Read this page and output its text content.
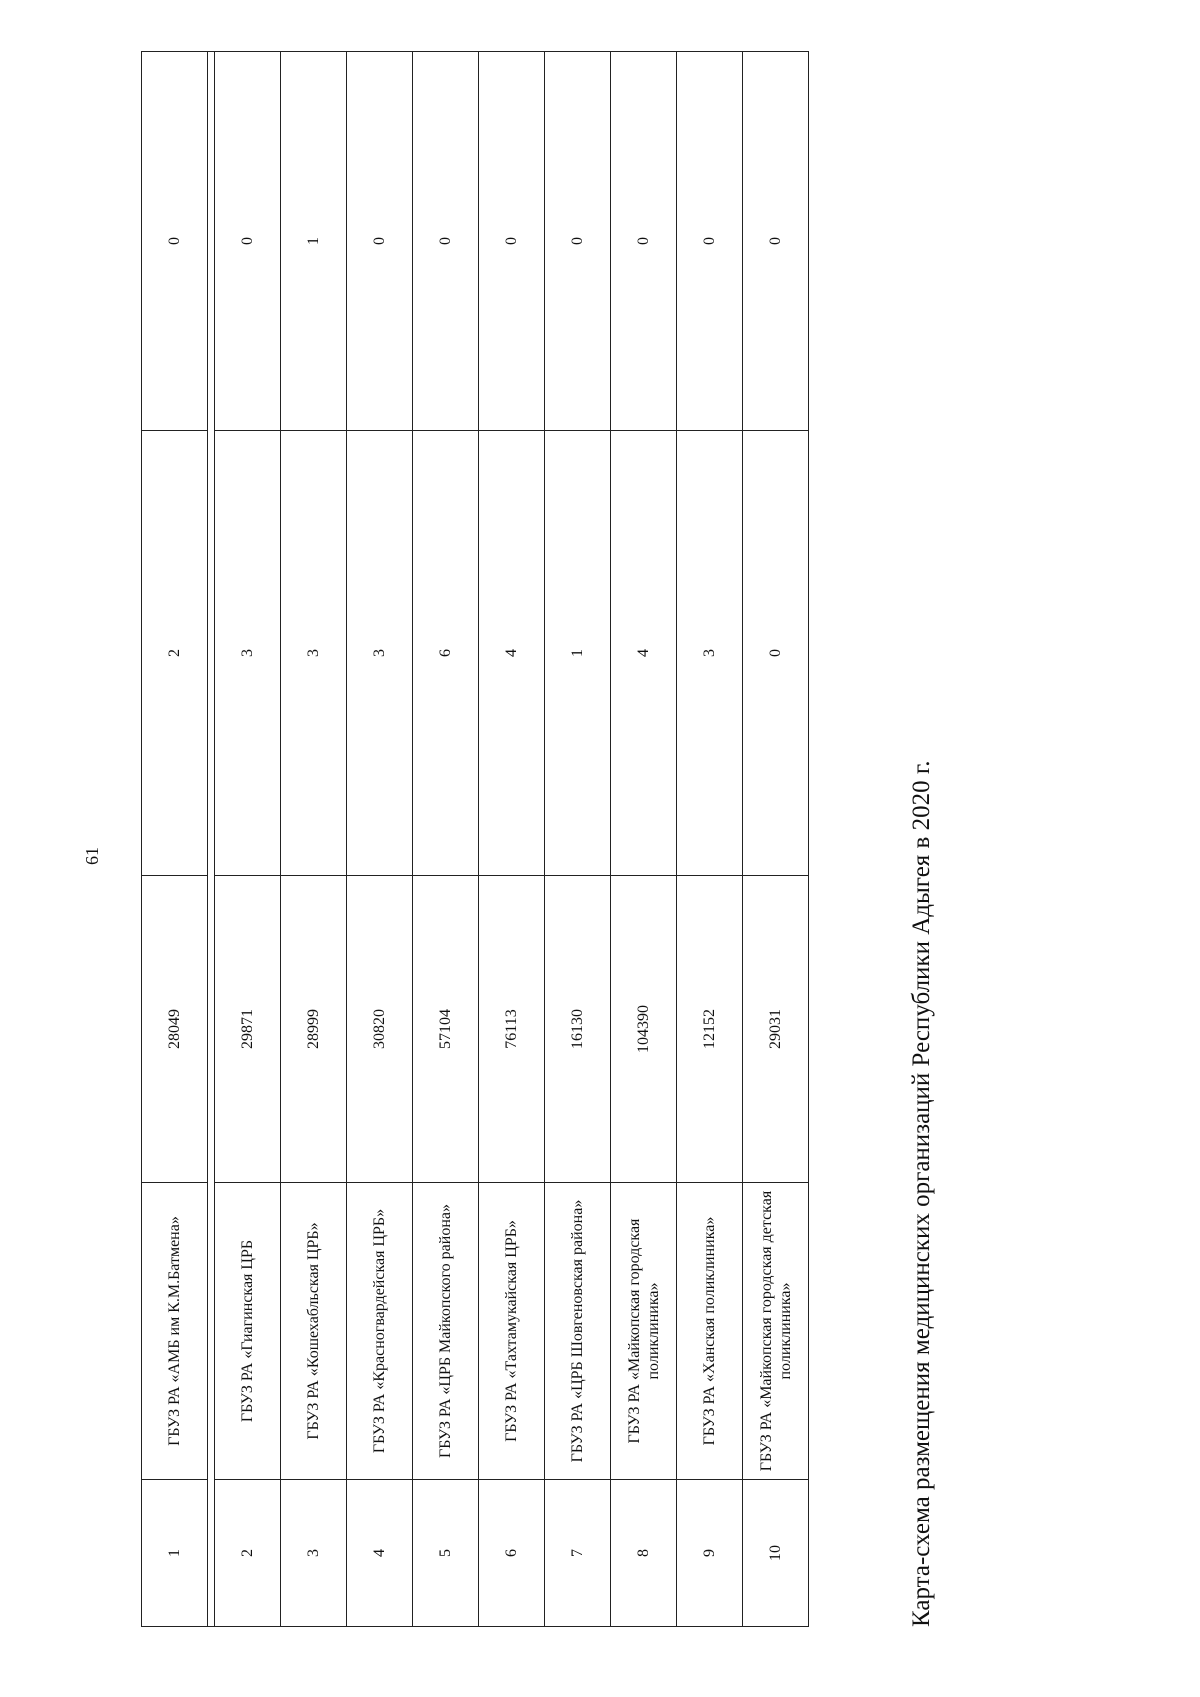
61
1	ГБУЗ РА «АМБ им К.М.Батмена»	28049	2	0

2	ГБУЗ РА «Гиагинская ЦРБ	29871	3	0
3	ГБУЗ РА «Кошехабльская ЦРБ»	28999	3	1
4	ГБУЗ РА «Красногвардейская ЦРБ»	30820	3	0
5	ГБУЗ РА «ЦРБ Майкопского района»	57104	6	0
6	ГБУЗ РА «Тахтамукайская ЦРБ»	76113	4	0
7	ГБУЗ РА «ЦРБ Шовгеновская района»	16130	1	0
8	ГБУЗ РА «Майкопская городская поликлиника»	104390	4	0
9	ГБУЗ РА «Ханская поликлиника»	12152	3	0
10	ГБУЗ РА «Майкопская городская детская поликлиника»	29031	0	0
Карта-схема размещения медицинских организаций Республики Адыгея в 2020 г.
